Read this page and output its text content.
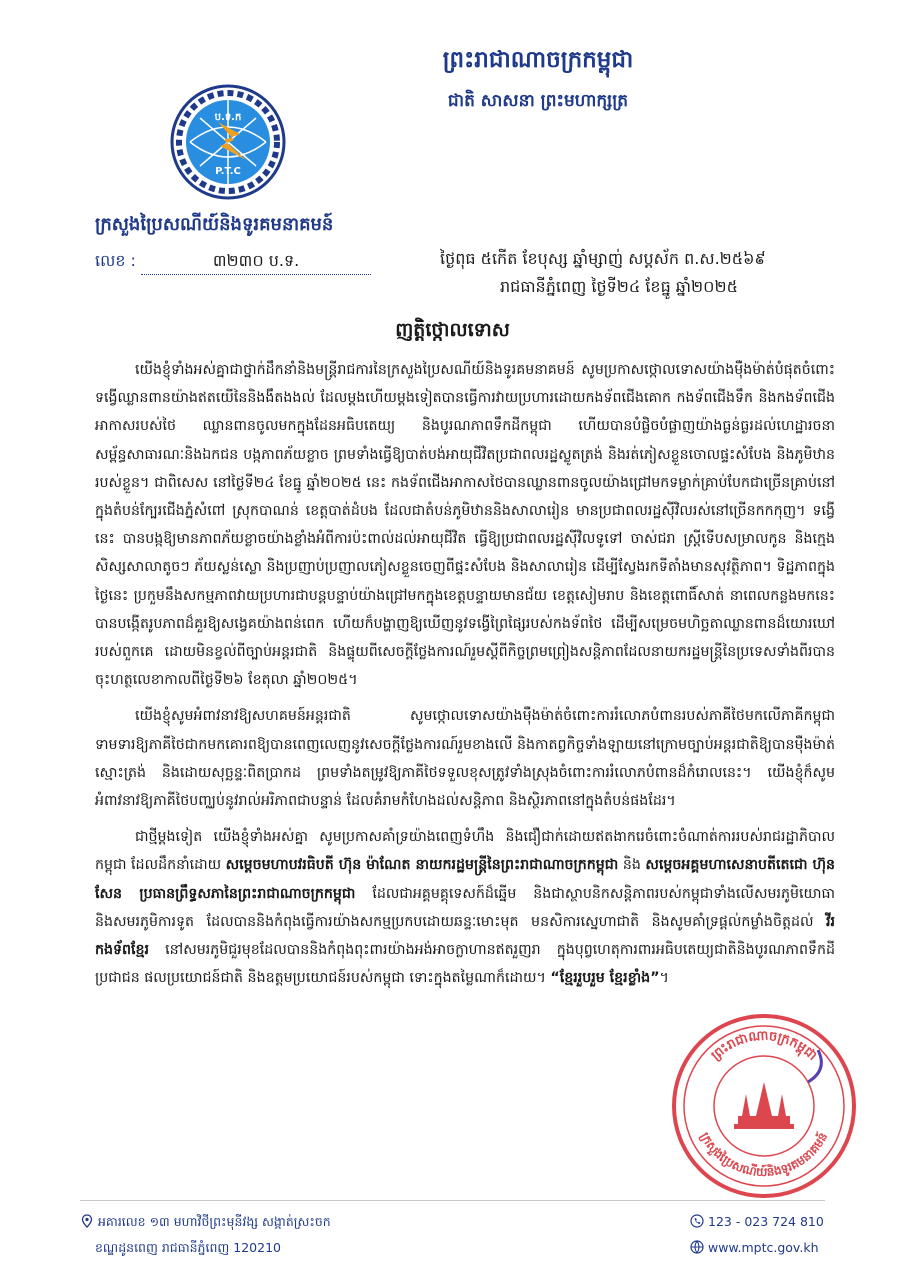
ប.ទ.ក
P.T.C
ព្រះរាជាណាចក្រកម្ពុជា
ជាតិ សាសនា ព្រះមហាក្សត្រ
ក្រសួងប្រៃសណីយ៍និងទូរគមនាគមន៍
លេខ :	៣២៣០ ប.ទ.	ថ្ងៃពុធ ៥កើត ខែបុស្ស ឆ្នាំម្សាញ់ សប្តស័ក ព.ស.២៥៦៩
រាជធានីភ្នំពេញ ថ្ងៃទី២៤ ខែធ្នូ ឆ្នាំ២០២៥
ញត្តិថ្កោលទោស

យើងខ្ញុំទាំងអស់គ្នាជាថ្នាក់ដឹកនាំនិងមន្ត្រីរាជការនៃក្រសួងប្រៃសណីយ៍និងទូរគមនាគមន៍ សូមប្រកាសថ្កោលទោសយ៉ាងម៉ឺងម៉ាត់បំផុតចំពោះទង្វើឈ្លានពានយ៉ាងឥតយើនៃនិងងឹតងងល់ ដែលម្តងហើយម្តងទៀតបានធ្វើការវាយប្រហារដោយកងទ័ពជើងគោក កងទ័ពជើងទឹក និងកងទ័ពជើងអាកាសរបស់ថៃ ឈ្លានពានចូលមកក្នុងដែនអធិបតេយ្យ និងបូរណភាពទឹកដីកម្ពុជា ហើយបានបំផ្លិចបំផ្លាញយ៉ាងធ្ងន់ធ្ងរដល់ហេដ្ឋារចនាសម្ព័ន្ធសាធារណៈនិងឯកជន បង្កភាពភ័យខ្លាច ព្រមទាំងធ្វើឱ្យបាត់បង់អាយុជីវិតប្រជាពលរដ្ឋស្លូតត្រង់ និងរត់ភៀសខ្លួនចោលផ្ទះសំបែង និងភូមិឋានរបស់ខ្លួន។ ជាពិសេស នៅថ្ងៃទី២៤ ខែធ្នូ ឆ្នាំ២០២៥ នេះ កងទ័ពជើងអាកាសថៃបានឈ្លានពានចូលយ៉ាងជ្រៅមកទម្លាក់គ្រាប់បែកជាច្រើនគ្រាប់នៅក្នុងតំបន់ក្បែរជើងភ្នំសំពៅ ស្រុកបាណន់ ខេត្តបាត់ដំបង ដែលជាតំបន់ភូមិឋាននិងសាលារៀន មានប្រជាពលរដ្ឋស៊ីវិលរស់នៅច្រើនកកកុញ។ ទង្វើនេះ បានបង្កឱ្យមានភាពភ័យខ្លាចយ៉ាងខ្លាំងអំពីការប៉ះពាល់ដល់អាយុជីវិត ធ្វើឱ្យប្រជាពលរដ្ឋស៊ីវិលទូទៅ ចាស់ជរា ស្ត្រីទើបសម្រាលកូន និងក្មេងសិស្សសាលាតូចៗ ភ័យស្លន់ស្លោ និងប្រញាប់ប្រញាលភៀសខ្លួនចេញពីផ្ទះសំបែង និងសាលារៀន ដើម្បីស្វែងរកទីតាំងមានសុវត្ថិភាព។ ទិដ្ឋភាពក្នុងថ្ងៃនេះ ប្រកួមនឹងសកម្មភាពវាយប្រហារជាបន្តបន្ទាប់យ៉ាងជ្រៅមកក្នុងខេត្តបន្ទាយមានជ័យ ខេត្តសៀមរាប និងខេត្តពោធិ៍សាត់ នាពេលកន្លងមកនេះ បានបង្កើតរូបភាពដ៏គួរឱ្យសង្វេគយ៉ាងពន់ពេក ហើយក៏បង្ហាញឱ្យឃើញនូវទង្វើព្រៃផ្សៃរបស់កងទ័ពថៃ ដើម្បីសម្រេចមហិច្ឆតាឈ្លានពានដ៏យោរឃៅរបស់ពួកគេ ដោយមិនខ្វល់ពីច្បាប់អន្តរជាតិ និងផ្ទុយពីសេចក្តីថ្លែងការណ៍រួមស្តីពីកិច្ចព្រមព្រៀងសន្តិភាពដែលនាយករដ្ឋមន្ត្រីនៃប្រទេសទាំងពីរបានចុះហត្ថលេខាកាលពីថ្ងៃទី២៦ ខែតុលា ឆ្នាំ២០២៥។

យើងខ្ញុំសូមអំពាវនាវឱ្យសហគមន៍អន្តរជាតិ សូមថ្កោលទោសយ៉ាងម៉ឺងម៉ាត់ចំពោះការរំលោភបំពានរបស់ភាគីថៃមកលើភាគីកម្ពុជា ទាមទារឱ្យភាគីថៃជាកមកគោរពឱ្យបានពេញលេញនូវសេចក្តីថ្លែងការណ៍រួមខាងលើ និងកាតព្វកិច្ចទាំងឡាយនៅក្រោមច្បាប់អន្តរជាតិឱ្យបានម៉ឺងម៉ាត់ ស្មោះត្រង់ និងដោយសុច្ឆន្ទៈពិតប្រាកដ ព្រមទាំងតម្រូវឱ្យភាគីថៃទទួលខុសត្រូវទាំងស្រុងចំពោះការរំលោភបំពានដ៏កំរោលនេះ។ យើងខ្ញុំក៏សូមអំពាវនាវឱ្យភាគីថៃបញ្ឈប់នូវរាល់អរិភាពជាបន្ទាន់ ដែលគំរាមកំហែងដល់សន្តិភាព និងស្ថិរភាពនៅក្នុងតំបន់ផងដែរ។

ជាថ្មីម្តងទៀត យើងខ្ញុំទាំងអស់គ្នា សូមប្រកាសគាំទ្រយ៉ាងពេញទំហឹង និងជឿជាក់ដោយឥតងាករេចំពោះចំណាត់ការរបស់រាជរដ្ឋាភិបាលកម្ពុជា ដែលដឹកនាំដោយ សម្តេចមហាបវរធិបតី ហ៊ុន ម៉ាណែត នាយករដ្ឋមន្ត្រីនៃព្រះរាជាណាចក្រកម្ពុជា និង សម្តេចអគ្គមហាសេនាបតីតេជោ ហ៊ុន សែន ប្រធានព្រឹទ្ធសភានៃព្រះរាជាណាចក្រកម្ពុជា ដែលជាអគ្គមគ្គុទេសក៍ដ៏ឆ្នើម និងជាស្ថាបនិកសន្តិភាពរបស់កម្ពុជាទាំងលើសមរភូមិយោធា និងសមរភូមិការទូត ដែលបាននិងកំពុងធ្វើការយ៉ាងសកម្មប្រកបដោយឆន្ទៈមោះមុត មនសិការស្នេហាជាតិ និងសូមគាំទ្រផ្តល់កម្លាំងចិត្តដល់ វីរកងទ័ពខ្មែរ នៅសមរភូមិជួរមុខដែលបាននិងកំពុងពុះពារយ៉ាងអង់អាចក្លាហានឥតរួញរា ក្នុងបុព្វហេតុការពារអធិបតេយ្យជាតិនិងបូរណភាពទឹកដី ប្រជាជន ផលប្រយោជន៍ជាតិ និងឧត្តមប្រយោជន៍របស់កម្ពុជា ទោះក្នុងតម្លៃណាក៏ដោយ។ “ខ្មែររួបរួម ខ្មែរខ្លាំង”។

ព្រះរាជាណាចក្រកម្ពុជា
ក្រសួងប្រៃសណីយ៍និងទូរគមនាគមន៍
អគារលេខ ១៣ មហាវិថីព្រះមុនីវង្ស សង្កាត់ស្រះចក
ខណ្ឌដូនពេញ រាជធានីភ្នំពេញ 120210
123 - 023 724 810
www.mptc.gov.kh
